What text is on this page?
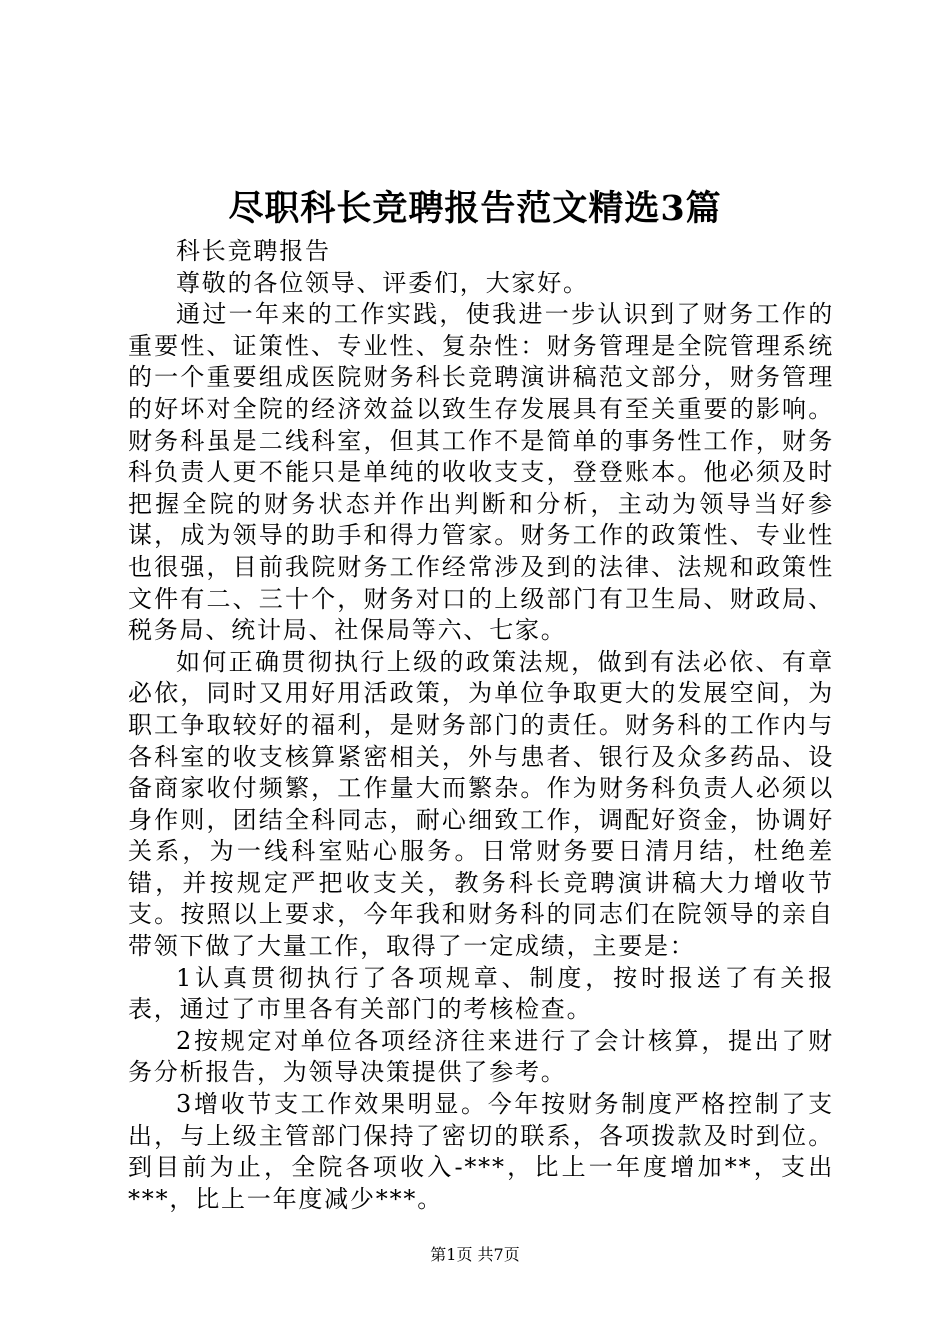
尽职科长竞聘报告范文精选3篇

科长竞聘报告

尊敬的各位领导、评委们，大家好。

通过一年来的工作实践，使我进一步认识到了财务工作的重要性、证策性、专业性、复杂性：财务管理是全院管理系统的一个重要组成医院财务科长竞聘演讲稿范文部分，财务管理的好坏对全院的经济效益以致生存发展具有至关重要的影响。财务科虽是二线科室，但其工作不是简单的事务性工作，财务科负责人更不能只是单纯的收收支支，登登账本。他必须及时把握全院的财务状态并作出判断和分析，主动为领导当好参谋，成为领导的助手和得力管家。财务工作的政策性、专业性也很强，目前我院财务工作经常涉及到的法律、法规和政策性文件有二、三十个，财务对口的上级部门有卫生局、财政局、税务局、统计局、社保局等六、七家。

如何正确贯彻执行上级的政策法规，做到有法必依、有章必依，同时又用好用活政策，为单位争取更大的发展空间，为职工争取较好的福利，是财务部门的责任。财务科的工作内与各科室的收支核算紧密相关，外与患者、银行及众多药品、设备商家收付频繁，工作量大而繁杂。作为财务科负责人必须以身作则，团结全科同志，耐心细致工作，调配好资金，协调好关系，为一线科室贴心服务。日常财务要日清月结，杜绝差错，并按规定严把收支关，教务科长竞聘演讲稿大力增收节支。按照以上要求，今年我和财务科的同志们在院领导的亲自带领下做了大量工作，取得了一定成绩，主要是：

1认真贯彻执行了各项规章、制度，按时报送了有关报表，通过了市里各有关部门的考核检查。

2按规定对单位各项经济往来进行了会计核算，提出了财务分析报告，为领导决策提供了参考。

3增收节支工作效果明显。今年按财务制度严格控制了支出，与上级主管部门保持了密切的联系，各项拨款及时到位。到目前为止，全院各项收入-***，比上一年度增加**，支出***，比上一年度减少***。

第1页 共7页
